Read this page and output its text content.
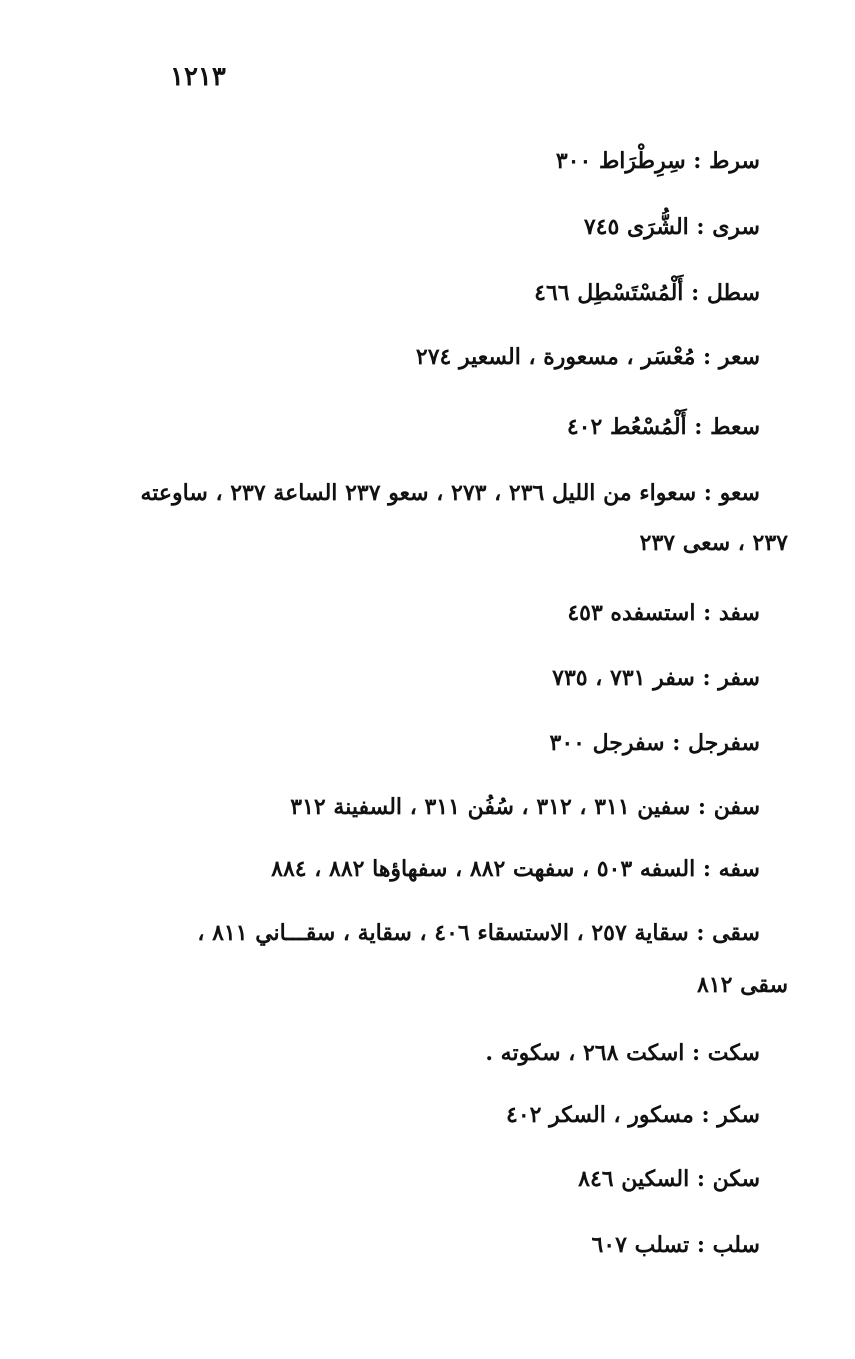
١٢١٣
سرط : سِرِطْرَاط ٣٠٠
سرى : الشُّرَى ٧٤٥
سطل : أَلْمُسْتَسْطِل ٤٦٦
سعر : مُعْسَر ، مسعورة ، السعير ٢٧٤
سعط : أَلْمُسْعُط ٤٠٢
سعو : سعواء من الليل ٢٣٦ ، ٢٧٣ ، سعو ٢٣٧ الساعة ٢٣٧ ، ساوعته
٢٣٧ ، سعى ٢٣٧
سفد : استسفده ٤٥٣
سفر : سفر ٧٣١ ، ٧٣٥
سفرجل : سفرجل ٣٠٠
سفن : سفين ٣١١ ، ٣١٢ ، سُفُن ٣١١ ، السفينة ٣١٢
سفه : السفه ٥٠٣ ، سفهت ٨٨٢ ، سفهاؤها ٨٨٢ ، ٨٨٤
سقى : سقاية ٢٥٧ ، الاستسقاء ٤٠٦ ، سقاية ، سقـــاني ٨١١ ،
سقى ٨١٢
سكت : اسكت ٢٦٨ ، سكوته .
سكر : مسكور ، السكر ٤٠٢
سكن : السكين ٨٤٦
سلب : تسلب ٦٠٧
